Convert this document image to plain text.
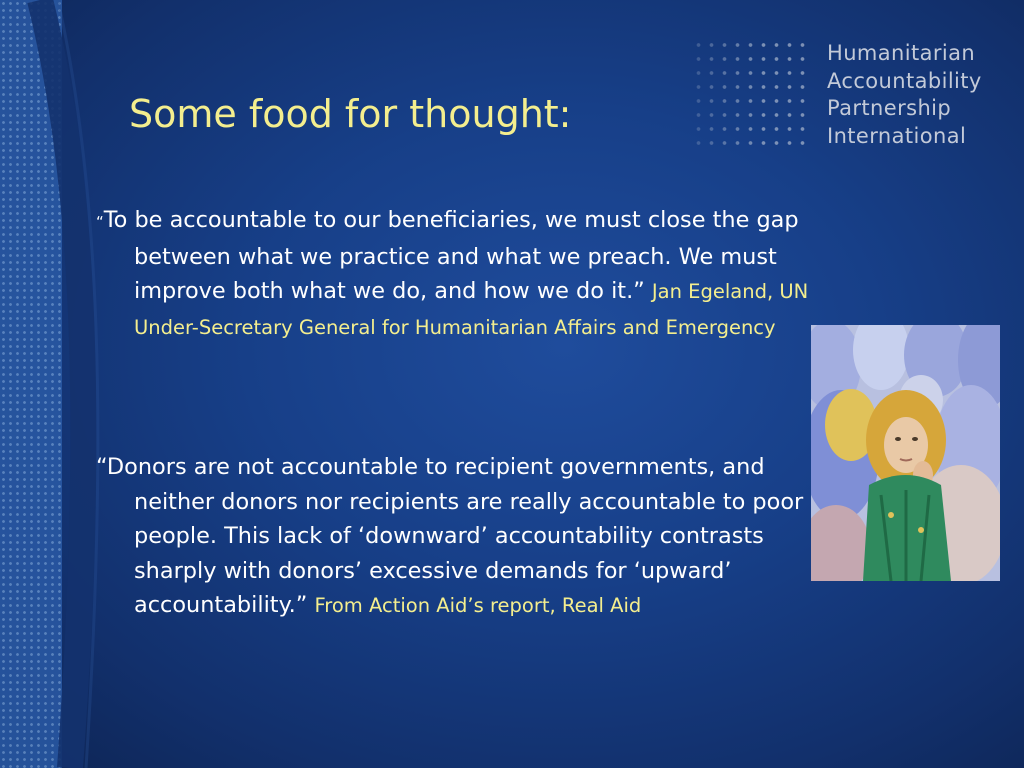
Some food for thought:
Humanitarian
Accountability
Partnership
International
“To be accountable to our beneficiaries, we must close the gap between what we practice and what we preach. We must improve both what we do, and how we do it.” Jan Egeland, UN Under-Secretary General for Humanitarian Affairs and Emergency
“Donors are not accountable to recipient governments, and neither donors nor recipients are really accountable to poor people. This lack of ‘downward’ accountability contrasts sharply with donors’ excessive demands for ‘upward’ accountability.” From Action Aid’s report, Real Aid
